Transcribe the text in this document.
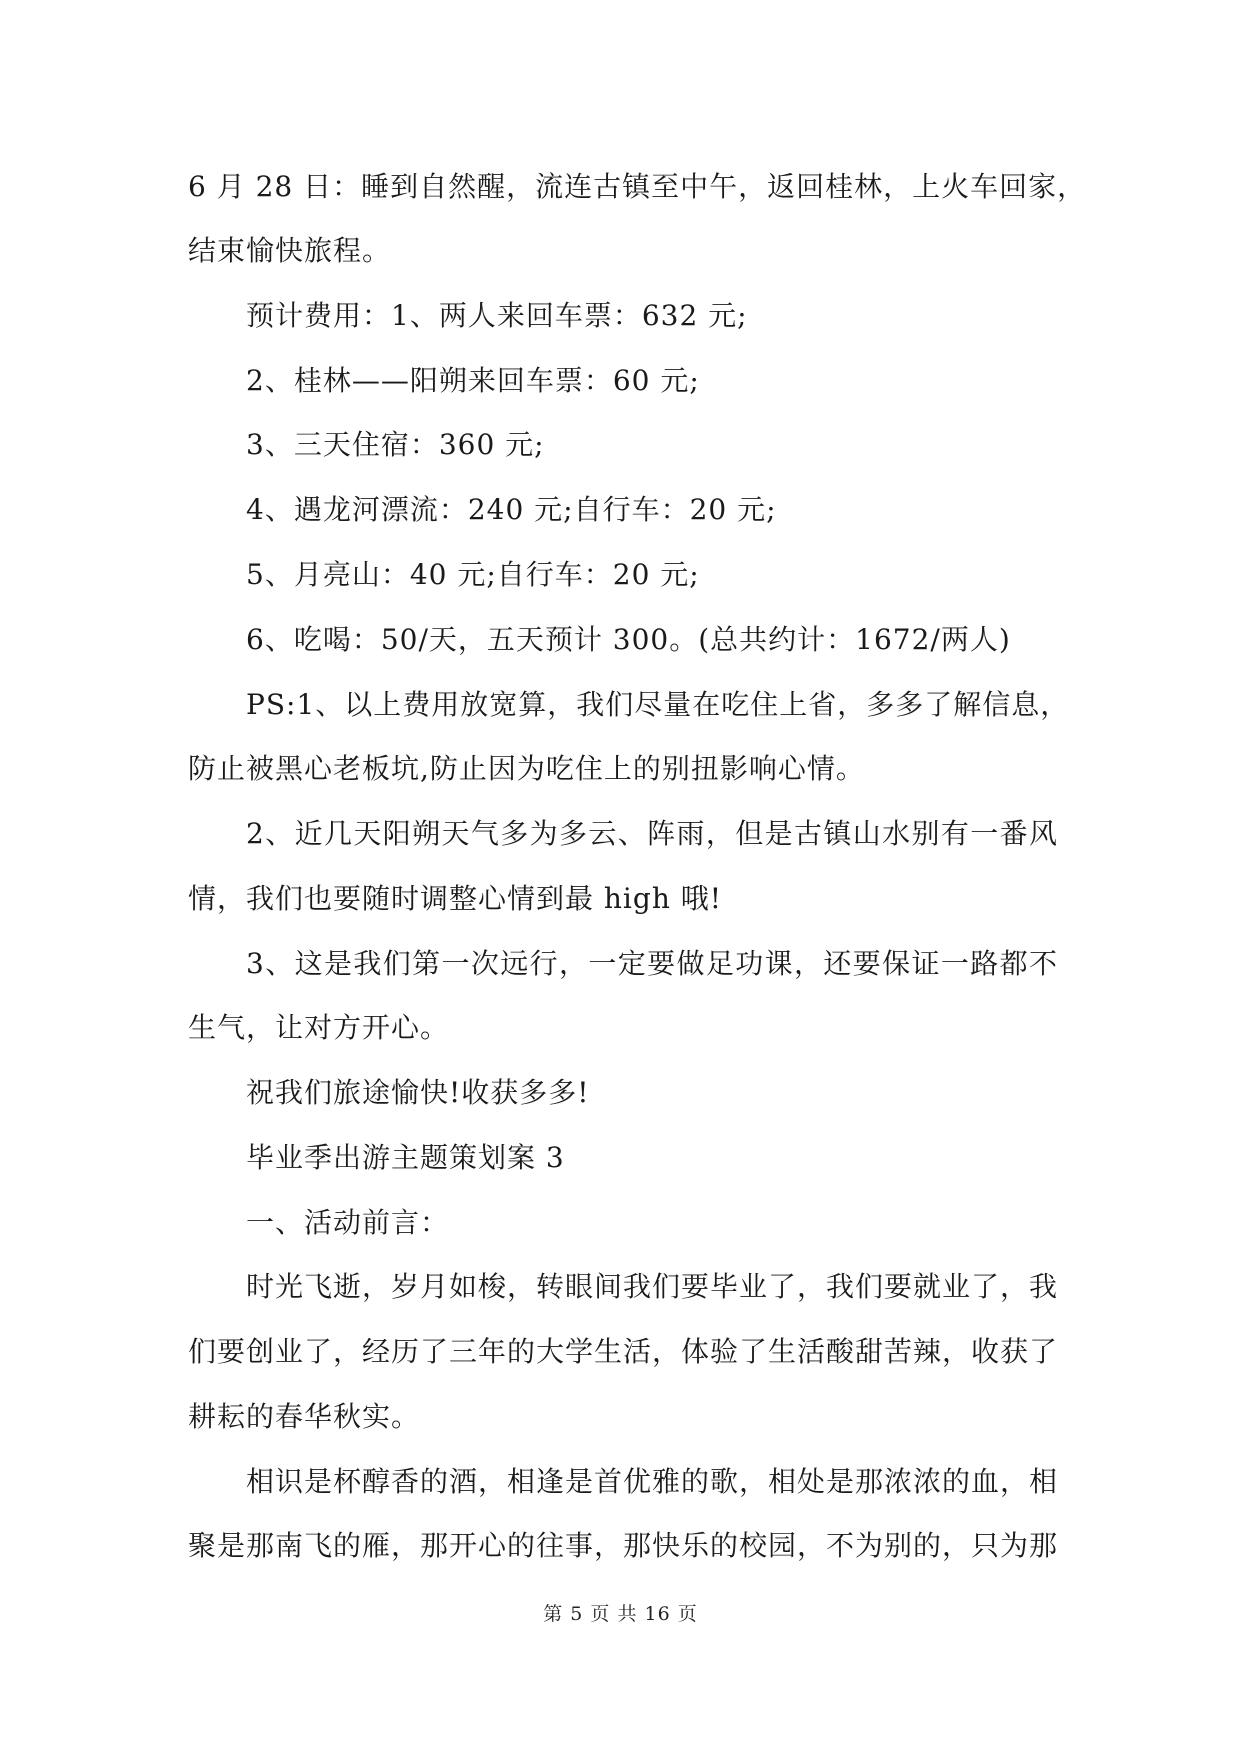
6 月 28 日：睡到自然醒，流连古镇至中午，返回桂林，上火车回家，
结束愉快旅程。
预计费用：1、两人来回车票：632 元;
2、桂林——阳朔来回车票：60 元;
3、三天住宿：360 元;
4、遇龙河漂流：240 元;自行车：20 元;
5、月亮山：40 元;自行车：20 元;
6、吃喝：50/天，五天预计 300。(总共约计：1672/两人)
PS:1、以上费用放宽算，我们尽量在吃住上省，多多了解信息，
防止被黑心老板坑,防止因为吃住上的别扭影响心情。
2、近几天阳朔天气多为多云、阵雨，但是古镇山水别有一番风
情，我们也要随时调整心情到最 high 哦!
3、这是我们第一次远行，一定要做足功课，还要保证一路都不
生气，让对方开心。
祝我们旅途愉快!收获多多!
毕业季出游主题策划案 3
一、活动前言：
时光飞逝，岁月如梭，转眼间我们要毕业了，我们要就业了，我
们要创业了，经历了三年的大学生活，体验了生活酸甜苦辣，收获了
耕耘的春华秋实。
相识是杯醇香的酒，相逢是首优雅的歌，相处是那浓浓的血，相
聚是那南飞的雁，那开心的往事，那快乐的校园，不为别的，只为那
第 5 页 共 16 页
